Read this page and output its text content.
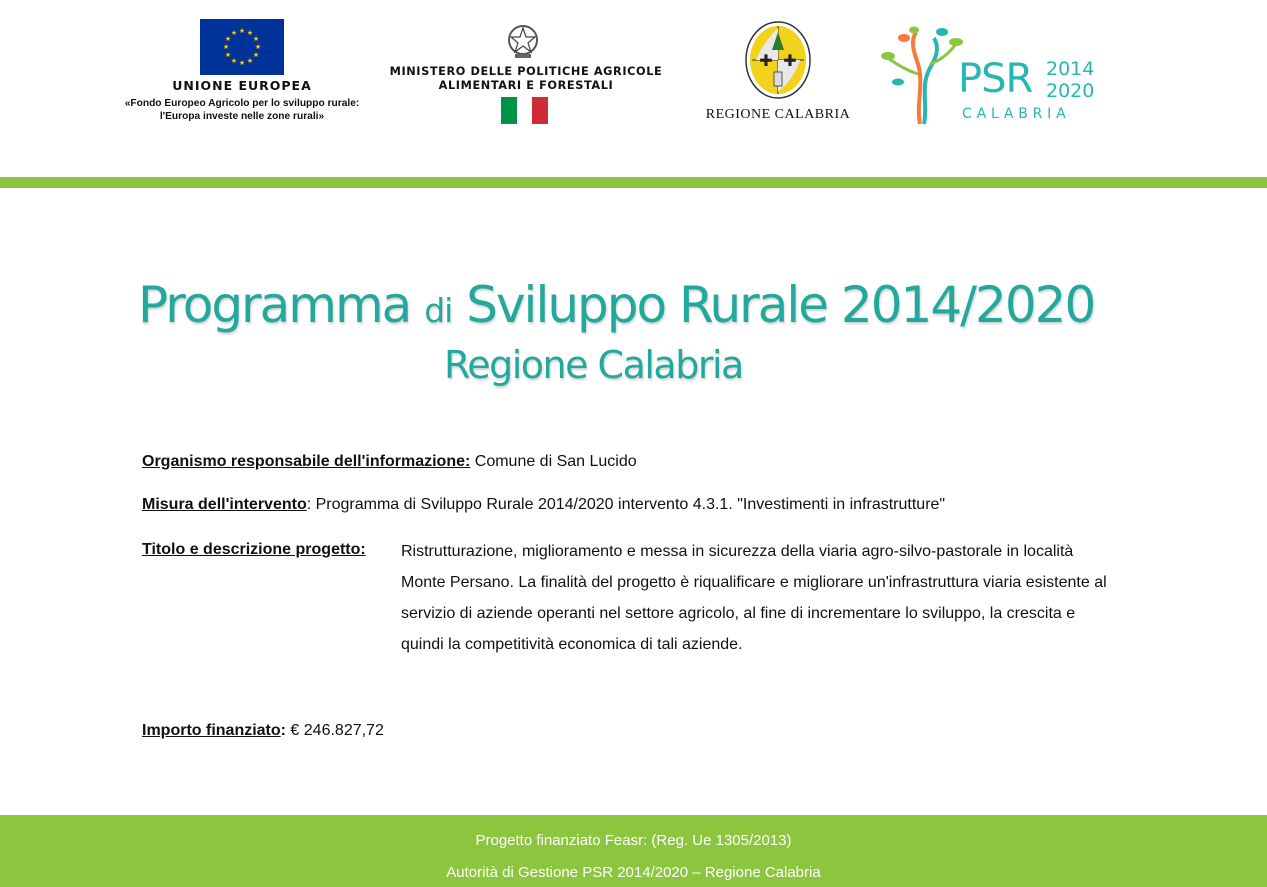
★ ★
★
★
★
★
★
★
★
★
★
★
UNIONE EUROPEA
«Fondo Europeo Agricolo per lo sviluppo rurale:
l'Europa investe nelle zone rurali»
MINISTERO DELLE POLITICHE AGRICOLE
ALIMENTARI E FORESTALI
✚ ✚
REGIONE CALABRIA
PSR 2014
2020
CALABRIA
Programma di Sviluppo Rurale 2014/2020
Regione Calabria
Organismo responsabile dell'informazione: Comune di San Lucido
Misura dell'intervento: Programma di Sviluppo Rurale 2014/2020 intervento 4.3.1. "Investimenti in infrastrutture"
Titolo e descrizione progetto: Ristrutturazione, miglioramento e messa in sicurezza della viaria agro-silvo-pastorale in località Monte Persano. La finalità del progetto è riqualificare e migliorare un'infrastruttura viaria esistente al servizio di aziende operanti nel settore agricolo, al fine di incrementare lo sviluppo, la crescita e quindi la competitività economica di tali aziende.
Importo finanziato: € 246.827,72
Progetto finanziato Feasr: (Reg. Ue 1305/2013)
Autorità di Gestione PSR 2014/2020 – Regione Calabria
